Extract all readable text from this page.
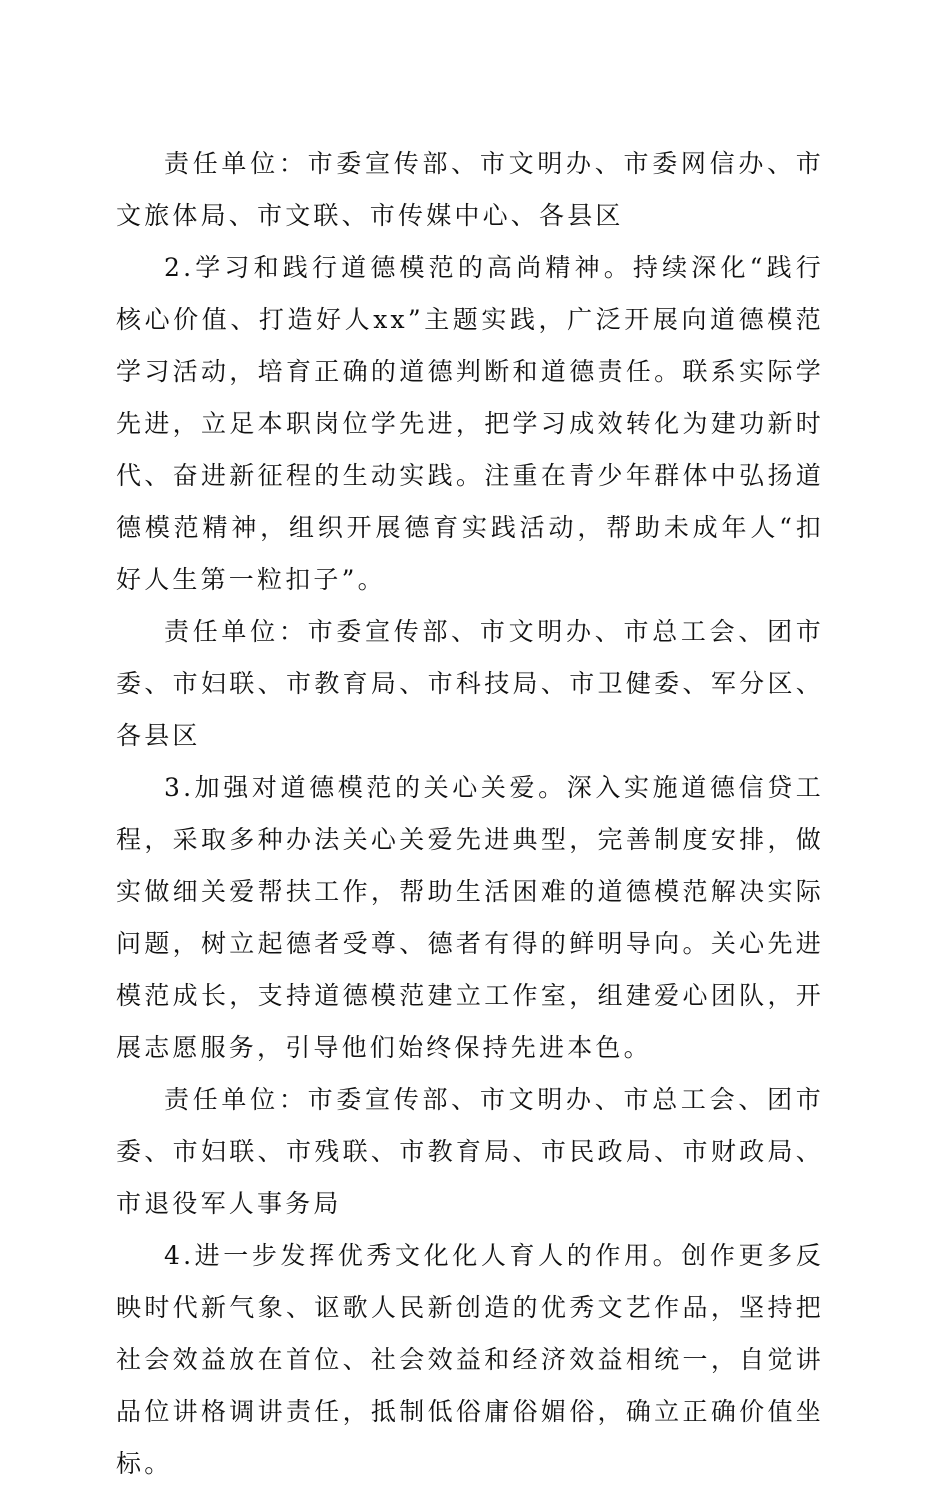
责任单位：市委宣传部、市文明办、市委网信办、市文旅体局、市文联、市传媒中心、各县区

2.学习和践行道德模范的高尚精神。持续深化“践行核心价值、打造好人xx”主题实践，广泛开展向道德模范学习活动，培育正确的道德判断和道德责任。联系实际学先进，立足本职岗位学先进，把学习成效转化为建功新时代、奋进新征程的生动实践。注重在青少年群体中弘扬道德模范精神，组织开展德育实践活动，帮助未成年人“扣好人生第一粒扣子”。

责任单位：市委宣传部、市文明办、市总工会、团市委、市妇联、市教育局、市科技局、市卫健委、军分区、各县区

3.加强对道德模范的关心关爱。深入实施道德信贷工程，采取多种办法关心关爱先进典型，完善制度安排，做实做细关爱帮扶工作，帮助生活困难的道德模范解决实际问题，树立起德者受尊、德者有得的鲜明导向。关心先进模范成长，支持道德模范建立工作室，组建爱心团队，开展志愿服务，引导他们始终保持先进本色。

责任单位：市委宣传部、市文明办、市总工会、团市委、市妇联、市残联、市教育局、市民政局、市财政局、市退役军人事务局

4.进一步发挥优秀文化化人育人的作用。创作更多反映时代新气象、讴歌人民新创造的优秀文艺作品，坚持把社会效益放在首位、社会效益和经济效益相统一，自觉讲品位讲格调讲责任，抵制低俗庸俗媚俗，确立正确价值坐标。
